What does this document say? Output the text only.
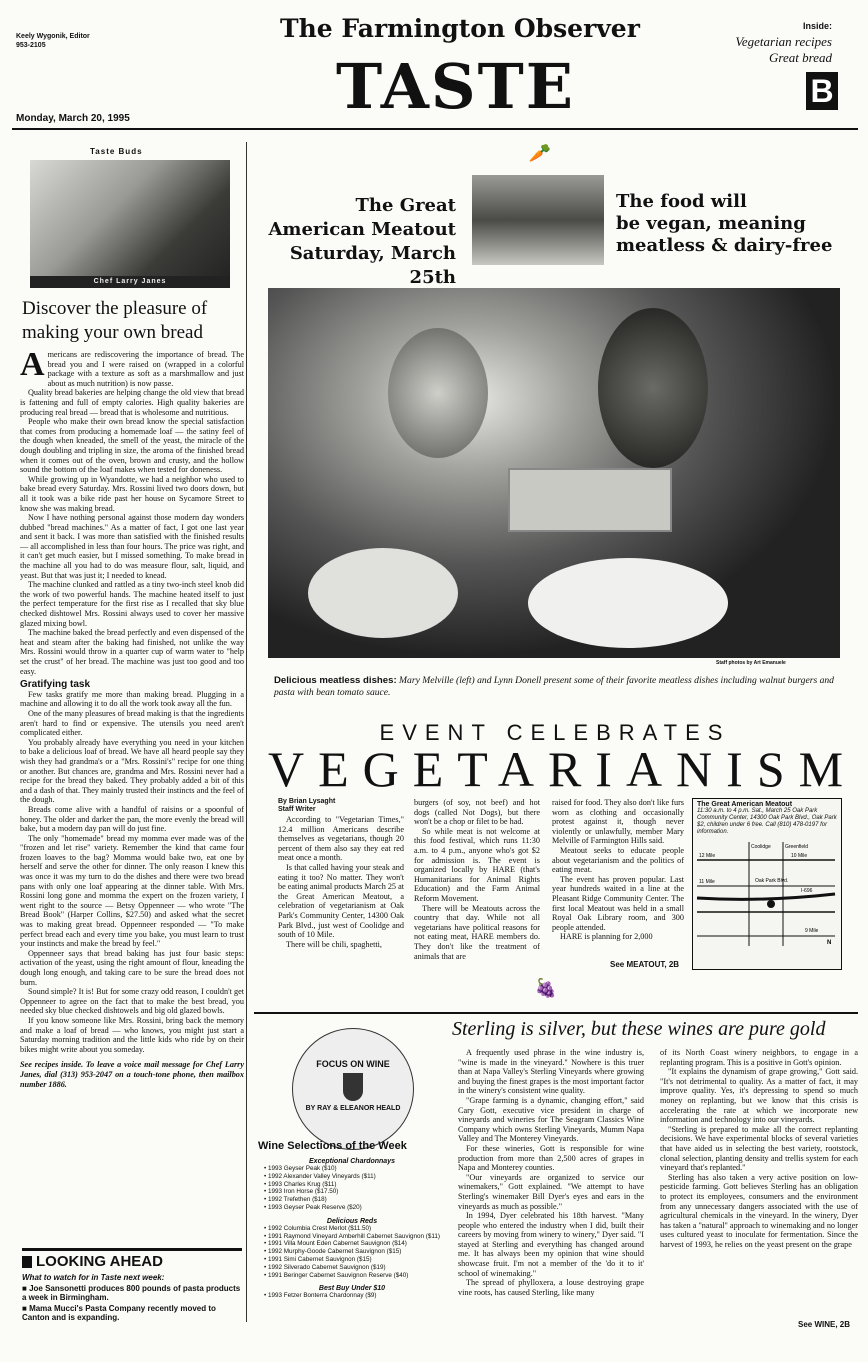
Keely Wygonik, Editor
953-2105
The Farmington Observer
TASTE
Inside:
Vegetarian recipes
Great bread
B
Monday, March 20, 1995
Taste Buds
Chef Larry Janes
Discover the pleasure of making your own bread

Americans are rediscovering the importance of bread. The bread you and I were raised on (wrapped in a colorful package with a texture as soft as a marshmallow and just about as much nutrition) is now passe.

Quality bread bakeries are helping change the old view that bread is fattening and full of empty calories. High quality bakeries are producing real bread — bread that is wholesome and nutritious.

People who make their own bread know the special satisfaction that comes from producing a homemade loaf — the satiny feel of the dough when kneaded, the smell of the yeast, the miracle of the dough doubling and tripling in size, the aroma of the finished bread when it comes out of the oven, brown and crusty, and the hollow sound the bottom of the loaf makes when tested for doneness.

While growing up in Wyandotte, we had a neighbor who used to bake bread every Saturday. Mrs. Rossini lived two doors down, but all it took was a bike ride past her house on Sycamore Street to know she was making bread.

Now I have nothing personal against those modern day wonders dubbed "bread machines." As a matter of fact, I got one last year and sent it back. I was more than satisfied with the finished results — all accomplished in less than four hours. The price was right, and it can't get much easier, but I missed something. To make bread in the machine all you had to do was measure flour, salt, liquid, and yeast. But that was just it; I needed to knead.

The machine clunked and rattled as a tiny two-inch steel knob did the work of two powerful hands. The machine heated itself to just the perfect temperature for the first rise as I recalled that sky blue checked dishtowel Mrs. Rossini always used to cover her massive glazed mixing bowl.

The machine baked the bread perfectly and even dispensed of the heat and steam after the baking had finished, not unlike the way Mrs. Rossini would throw in a quarter cup of warm water to "help set the crust" of her bread. The machine was just too good and too easy.

Gratifying task

Few tasks gratify me more than making bread. Plugging in a machine and allowing it to do all the work took away all the fun.

One of the many pleasures of bread making is that the ingredients aren't hard to find or expensive. The utensils you need aren't complicated either.

You probably already have everything you need in your kitchen to bake a delicious loaf of bread. We have all heard people say they wish they had grandma's or a "Mrs. Rossini's" recipe for one thing or another. But chances are, grandma and Mrs. Rossini never had a recipe for the bread they baked. They probably added a bit of this and a dash of that. They mainly trusted their instincts and the feel of the dough.

Breads come alive with a handful of raisins or a spoonful of honey. The older and darker the pan, the more evenly the bread will bake, but a modern day pan will do just fine.

The only "homemade" bread my momma ever made was of the "frozen and let rise" variety. Remember the kind that came four frozen loaves to the bag? Momma would bake two, eat one by herself and serve the other for dinner. The only reason I knew this was once it was my turn to do the dishes and there were two bread pans with only one loaf appearing at the dinner table. With Mrs. Rossini long gone and momma the expert on the frozen variety, I went right to the source — Betsy Oppenneer — who wrote "The Bread Book" (Harper Collins, $27.50) and asked what the secret was to making great bread. Oppenneer responded — "To make perfect bread each and every time you bake, you must learn to trust your instincts and make the bread by feel."

Oppenneer says that bread baking has just four basic steps: activation of the yeast, using the right amount of flour, kneading the dough long enough, and taking care to be sure the bread does not burn.

Sound simple? It is! But for some crazy odd reason, I couldn't get Oppenneer to agree on the fact that to make the best bread, you needed sky blue checked dishtowels and big old glazed bowls.

If you know someone like Mrs. Rossini, bring back the memory and make a loaf of bread — who knows, you might just start a Saturday morning tradition and the little kids who ride by on their bikes might write about you someday.

See recipes inside. To leave a voice mail message for Chef Larry Janes, dial (313) 953-2047 on a touch-tone phone, then mailbox number 1886.

LOOKING AHEAD
What to watch for in Taste next week:
■ Joe Sansonetti produces 800 pounds of pasta products a week in Birmingham.
■ Mama Mucci's Pasta Company recently moved to Canton and is expanding.
🥕
The Great
American Meatout
Saturday, March 25th
The food will
be vegan, meaning
meatless & dairy-free
Staff photos by Art Emanuele
Delicious meatless dishes: Mary Melville (left) and Lynn Donell present some of their favorite meatless dishes including walnut burgers and pasta with bean tomato sauce.
EVENT CELEBRATES
VEGETARIANISM
By Brian Lysaght
Staff Writer

According to "Vegetarian Times," 12.4 million Americans describe themselves as vegetarians, though 20 percent of them also say they eat red meat once a month.

Is that called having your steak and eating it too? No matter. They won't be eating animal products March 25 at the Great American Meatout, a celebration of vegetarianism at Oak Park's Community Center, 14300 Oak Park Blvd., just west of Coolidge and south of 10 Mile.

There will be chili, spaghetti,

burgers (of soy, not beef) and hot dogs (called Not Dogs), but there won't be a chop or filet to be had.

So while meat is not welcome at this food festival, which runs 11:30 a.m. to 4 p.m., anyone who's got $2 for admission is. The event is organized locally by HARE (that's Humanitarians for Animal Rights Education) and the Farm Animal Reform Movement.

There will be Meatouts across the country that day. While not all vegetarians have political reasons for not eating meat, HARE members do. They don't like the treatment of animals that are

raised for food. They also don't like furs worn as clothing and occasionally protest against it, though never violently or unlawfully, member Mary Melville of Farmington Hills said.

Meatout seeks to educate people about vegetarianism and the politics of eating meat.

The event has proven popular. Last year hundreds waited in a line at the Pleasant Ridge Community Center. The first local Meatout was held in a small Royal Oak Library room, and 300 people attended.

HARE is planning for 2,000

See MEATOUT, 2B
The Great American Meatout
11:30 a.m. to 4 p.m. Sat., March 25 Oak Park Community Center, 14300 Oak Park Blvd., Oak Park $2, children under 6 free. Call (810) 478-0197 for information.
10 Mile
Oak Park Blvd.
Coolidge	Greenfield
9 Mile
I-696
12 Mile
11 Mile
N
🍇
FOCUS ON WINE
BY RAY & ELEANOR HEALD
Wine Selections of the Week
Exceptional Chardonnays
• 1993 Geyser Peak ($10)
• 1992 Alexander Valley Vineyards ($11)
• 1993 Charles Krug ($11)
• 1993 Iron Horse ($17.50)
• 1992 Trefethen ($18)
• 1993 Geyser Peak Reserve ($20)
Delicious Reds
• 1992 Columbia Crest Merlot ($11.50)
• 1991 Raymond Vineyard Amberhill Cabernet Sauvignon ($11)
• 1991 Villa Mount Eden Cabernet Sauvignon ($14)
• 1992 Murphy-Goode Cabernet Sauvignon ($15)
• 1991 Simi Cabernet Sauvignon ($15)
• 1992 Silverado Cabernet Sauvignon ($19)
• 1991 Beringer Cabernet Sauvignon Reserve ($40)
Best Buy Under $10
• 1993 Fetzer Bonterra Chardonnay ($9)
Sterling is silver, but these wines are pure gold

A frequently used phrase in the wine industry is, "wine is made in the vineyard." Nowhere is this truer than at Napa Valley's Sterling Vineyards where growing and buying the finest grapes is the most important factor in the winery's consistent wine quality.

"Grape farming is a dynamic, changing effort," said Cary Gott, executive vice president in charge of vineyards and wineries for The Seagram Classics Wine Company which owns Sterling Vineyards, Mumm Napa Valley and The Monterey Vineyards.

For these wineries, Gott is responsible for wine production from more than 2,500 acres of grapes in Napa and Monterey counties.

"Our vineyards are organized to service our winemakers," Gott explained. "We attempt to have Sterling's winemaker Bill Dyer's eyes and ears in the vineyards as much as possible."

In 1994, Dyer celebrated his 18th harvest. "Many people who entered the industry when I did, built their careers by moving from winery to winery," Dyer said. "I stayed at Sterling and everything has changed around me. It has always been my opinion that wine should showcase fruit. I'm not a member of the 'do it to it' school of winemaking."

The spread of phylloxera, a louse destroying grape vine roots, has caused Sterling, like many

of its North Coast winery neighbors, to engage in a replanting program. This is a positive in Gott's opinion.

"It explains the dynamism of grape growing," Gott said. "It's not detrimental to quality. As a matter of fact, it may improve quality. Yes, it's depressing to spend so much money on replanting, but we know that this crisis is accelerating the rate at which we incorporate new information and technology into our vineyards.

"Sterling is prepared to make all the correct replanting decisions. We have experimental blocks of several varieties that have aided us in selecting the best variety, rootstock, clonal selection, planting density and trellis system for each vineyard that's replanted."

Sterling has also taken a very active position on low-pesticide farming. Gott believes Sterling has an obligation to protect its employees, consumers and the environment from any unnecessary dangers associated with the use of agricultural chemicals in the vineyard. In the winery, Dyer has taken a "natural" approach to winemaking and no longer uses cultured yeast to inoculate for fermentation. Since the harvest of 1993, he relies on the yeast present on the grape

See WINE, 2B
